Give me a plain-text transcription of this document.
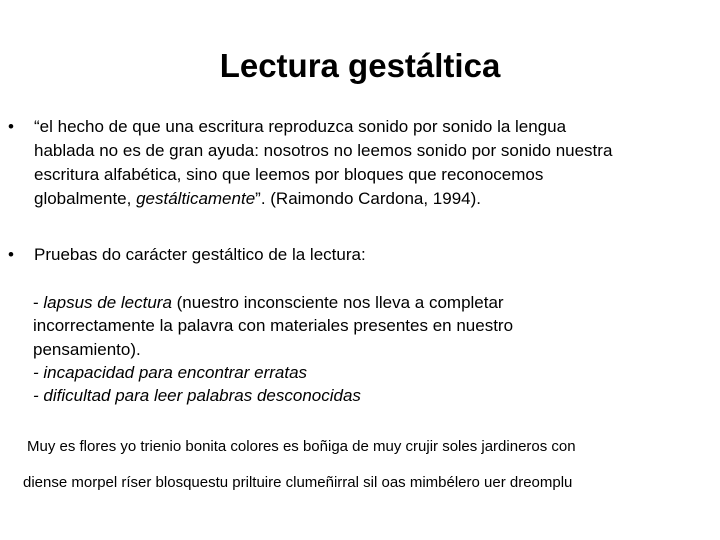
Lectura gestáltica
• “el hecho de que una escritura reproduzca sonido por sonido la lengua
hablada no es de gran ayuda: nosotros no leemos sonido por sonido nuestra
escritura alfabética, sino que leemos por bloques que reconocemos
globalmente, gestálticamente”. (Raimondo Cardona, 1994).
• Pruebas do carácter gestáltico de la lectura:
- lapsus de lectura (nuestro inconsciente nos lleva a completar
incorrectamente la palavra con materiales presentes en nuestro
pensamiento).
- incapacidad para encontrar erratas
- dificultad para leer palabras desconocidas
Muy es flores yo trienio bonita colores es boñiga de muy crujir soles jardineros con
diense morpel ríser blosquestu priltuire clumeñirral sil oas mimbélero uer dreomplu
